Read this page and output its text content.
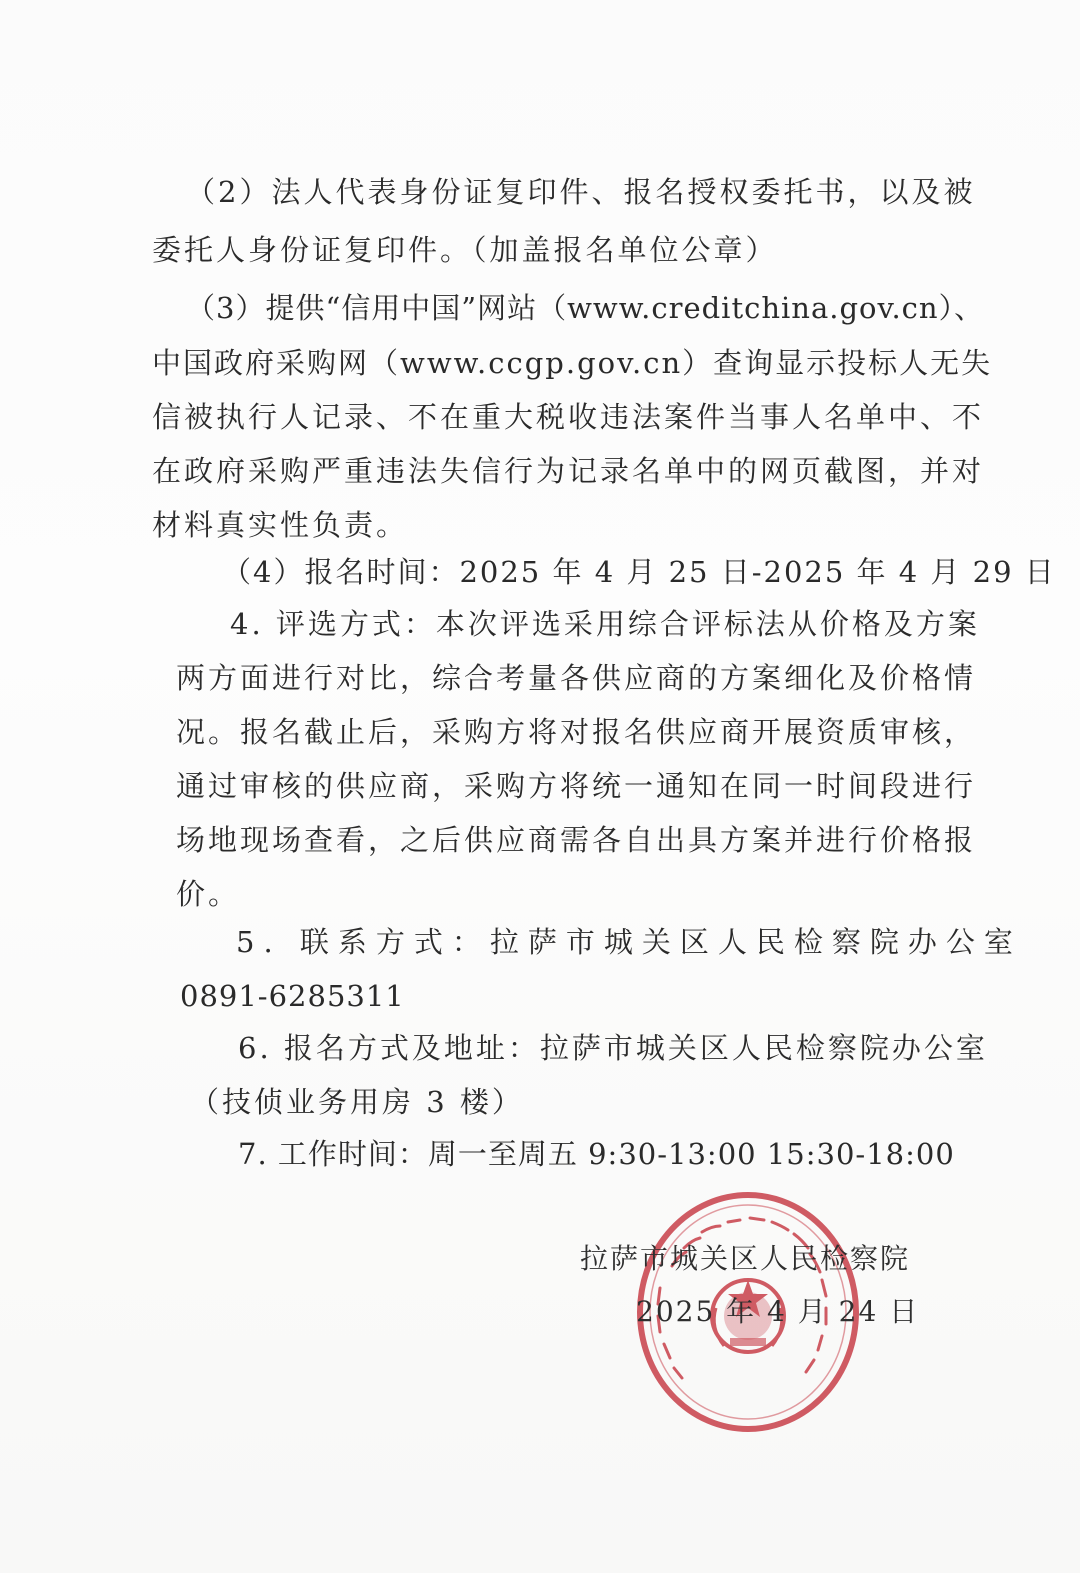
（2）法人代表身份证复印件、报名授权委托书，以及被
委托人身份证复印件。（加盖报名单位公章）
（3）提供“信用中国”网站（www.creditchina.gov.cn）、
中国政府采购网（www.ccgp.gov.cn）查询显示投标人无失
信被执行人记录、不在重大税收违法案件当事人名单中、不
在政府采购严重违法失信行为记录名单中的网页截图，并对
材料真实性负责。
（4）报名时间：2025 年 4 月 25 日-2025 年 4 月 29 日
4. 评选方式：本次评选采用综合评标法从价格及方案
两方面进行对比，综合考量各供应商的方案细化及价格情
况。报名截止后，采购方将对报名供应商开展资质审核，
通过审核的供应商，采购方将统一通知在同一时间段进行
场地现场查看，之后供应商需各自出具方案并进行价格报
价。
5. 联系方式：拉萨市城关区人民检察院办公室
0891-6285311
6. 报名方式及地址：拉萨市城关区人民检察院办公室
（技侦业务用房 3 楼）
7. 工作时间：周一至周五 9:30-13:00 15:30-18:00
拉萨市城关区人民检察院
2025 年 4 月 24 日
